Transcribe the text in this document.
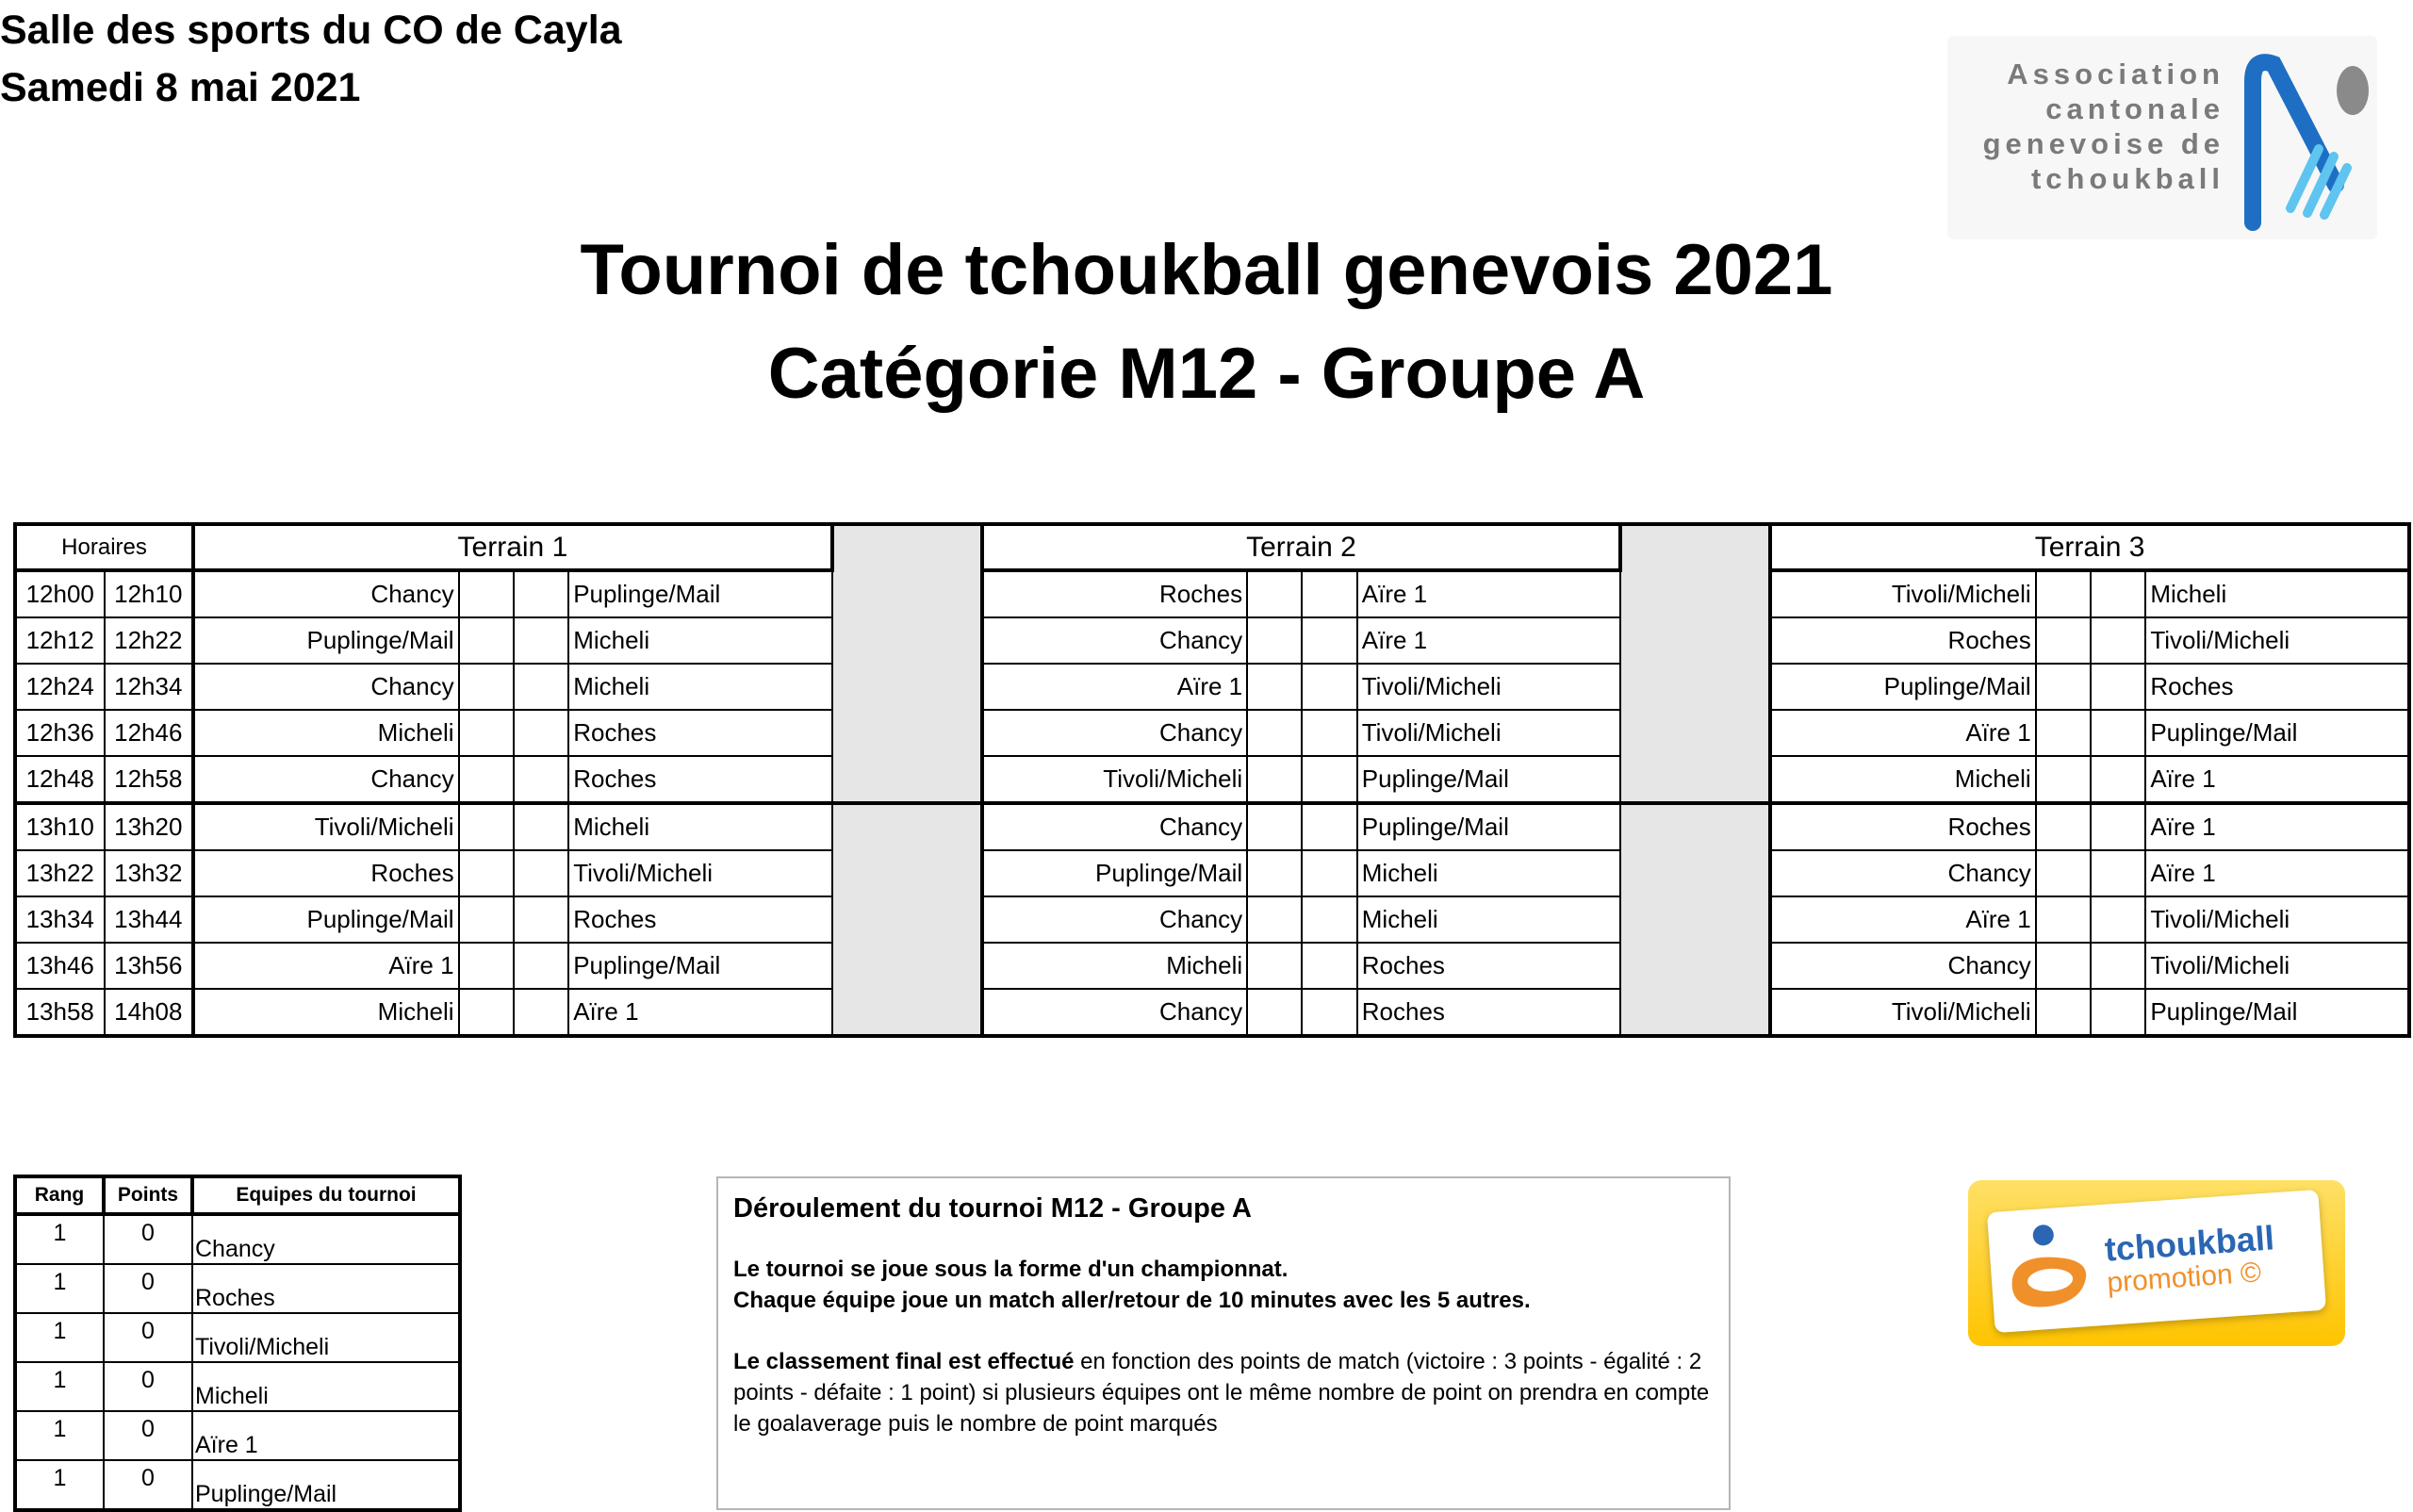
Salle des sports du CO de Cayla
Samedi 8 mai 2021
Tournoi de tchoukball genevois 2021
Catégorie M12 - Groupe A
Association
cantonale
genevoise de
tchoukball
Horaires		Terrain 1					Terrain 2					Terrain 3			
12h00	12h10	Chancy			Puplinge/Mail		Roches			Aïre 1		Tivoli/Micheli			Micheli
12h12	12h22	Puplinge/Mail			Micheli		Chancy			Aïre 1		Roches			Tivoli/Micheli
12h24	12h34	Chancy			Micheli		Aïre 1			Tivoli/Micheli		Puplinge/Mail			Roches
12h36	12h46	Micheli			Roches		Chancy			Tivoli/Micheli		Aïre 1			Puplinge/Mail
12h48	12h58	Chancy			Roches		Tivoli/Micheli			Puplinge/Mail		Micheli			Aïre 1
13h10	13h20	Tivoli/Micheli			Micheli		Chancy			Puplinge/Mail		Roches			Aïre 1
13h22	13h32	Roches			Tivoli/Micheli		Puplinge/Mail			Micheli		Chancy			Aïre 1
13h34	13h44	Puplinge/Mail			Roches		Chancy			Micheli		Aïre 1			Tivoli/Micheli
13h46	13h56	Aïre 1			Puplinge/Mail		Micheli			Roches		Chancy			Tivoli/Micheli
13h58	14h08	Micheli			Aïre 1		Chancy			Roches		Tivoli/Micheli			Puplinge/Mail
Rang	Points	Equipes du tournoi
1	0	Chancy
1	0	Roches
1	0	Tivoli/Micheli
1	0	Micheli
1	0	Aïre 1
1	0	Puplinge/Mail
Déroulement du tournoi M12 - Groupe A

Le tournoi se joue sous la forme d'un championnat.

Chaque équipe joue un match aller/retour de 10 minutes avec les 5 autres.

Le classement final est effectué en fonction des points de match (victoire : 3 points - égalité : 2 points - défaite : 1 point) si plusieurs équipes ont le même nombre de point on prendra en compte le goalaverage puis le nombre de point marqués

tchoukball
promotion ©
